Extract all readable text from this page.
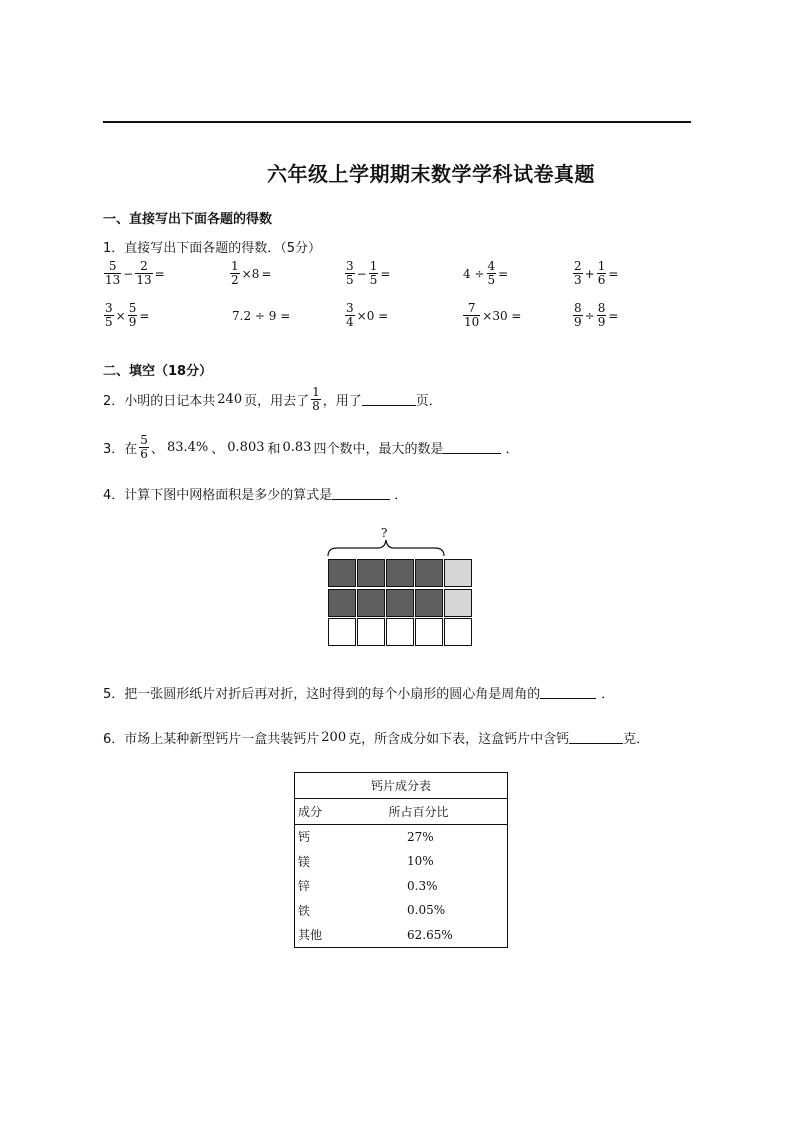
六年级上学期期末数学学科试卷真题
一、直接写出下面各题的得数
1．直接写出下面各题的得数．（5分）
$\frac{5}{13} - \frac{2}{13}$ =	$\frac{1}{2} \times 8$ =	$\frac{3}{5} - \frac{1}{5}$ =	$4 \div \frac{4}{5}$ =	$\frac{2}{3} + \frac{1}{6}$ =
$\frac{3}{5} \times \frac{5}{9}$ =	7.2 ÷ 9 =	$\frac{3}{4} \times 0$ =	$\frac{7}{10} \times 30$ =	$\frac{8}{9} \div \frac{8}{9}$ =
二、填空（18分）
2．小明的日记本共 240 页，用去了 $\frac{1}{8}$ ，用了	页．
3．在 $\frac{5}{6}$ 、 83.4% 、 0.803 和 0.83 四个数中，最大的数是	．
4．计算下图中网格面积是多少的算式是	．
?
5．把一张圆形纸片对折后再对折，这时得到的每个小扇形的圆心角是周角的	．
6．市场上某种新型钙片一盒共装钙片 200 克，所含成分如下表，这盒钙片中含钙	克．
钙片成分表	
成分	所占百分比
钙	27%
镁	10%
锌	0.3%
铁	0.05%
其他	62.65%
